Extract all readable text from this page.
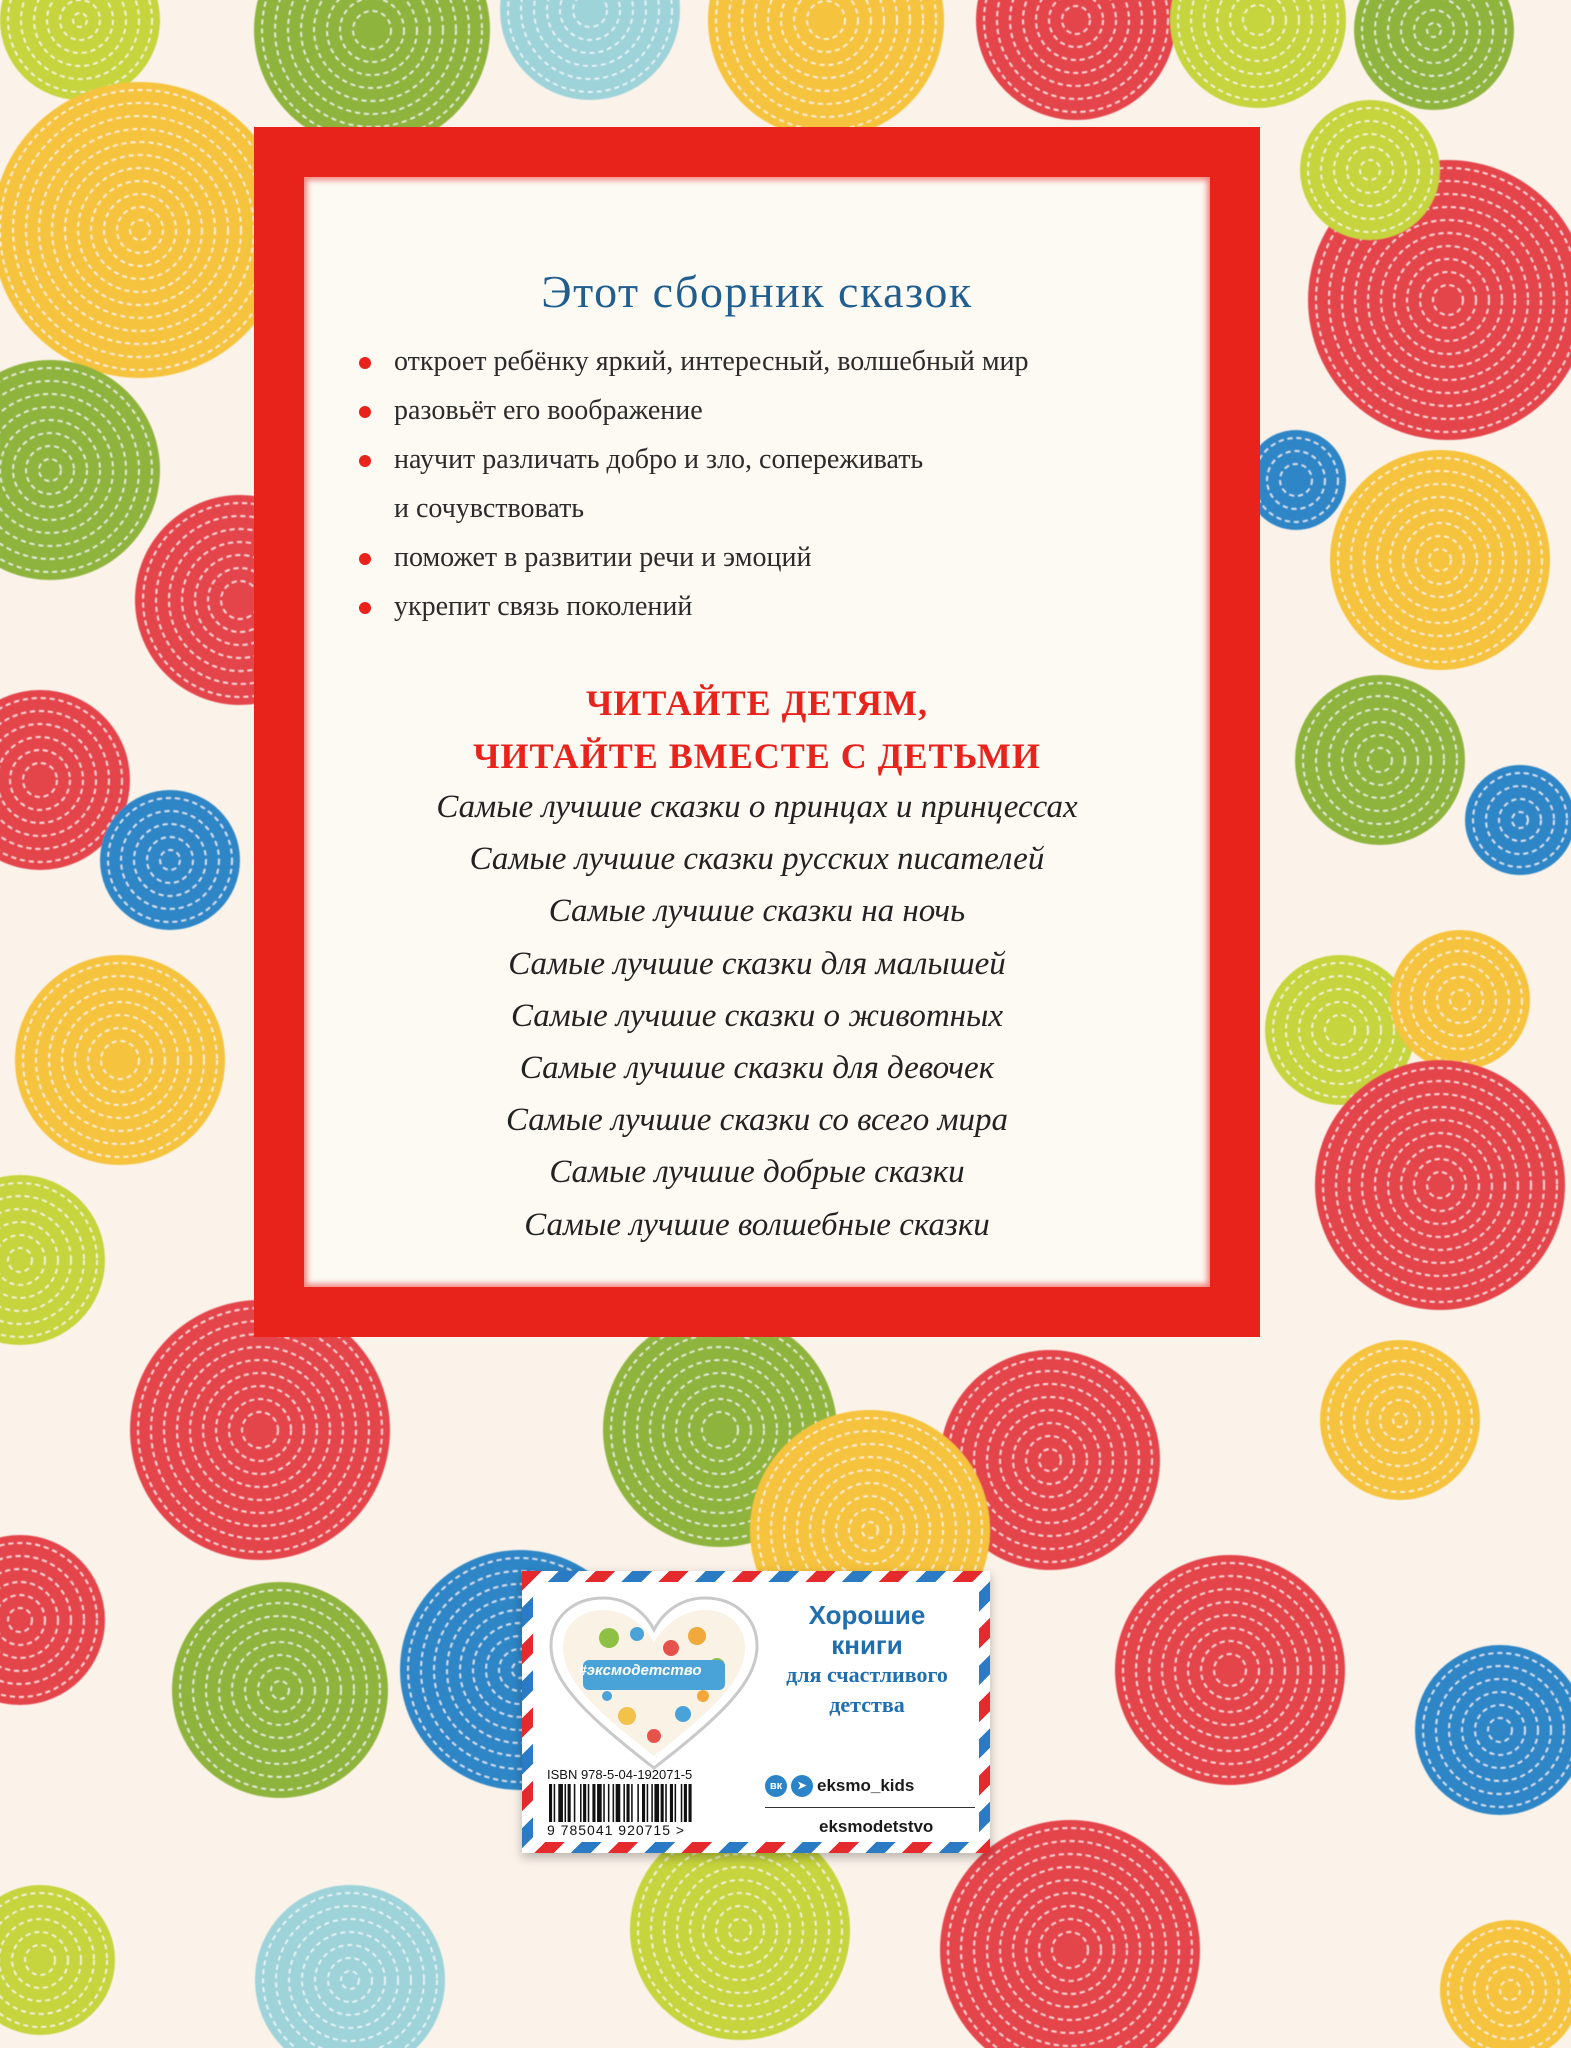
Этот сборник сказок
откроет ребёнку яркий, интересный, волшебный мир
разовьёт его воображение
научит различать добро и зло, сопереживать
и сочувствовать
поможет в развитии речи и эмоций
укрепит связь поколений
ЧИТАЙТЕ ДЕТЯМ,
ЧИТАЙТЕ ВМЕСТЕ С ДЕТЬМИ
Самые лучшие сказки о принцах и принцессах
Самые лучшие сказки русских писателей
Самые лучшие сказки на ночь
Самые лучшие сказки для малышей
Самые лучшие сказки о животных
Самые лучшие сказки для девочек
Самые лучшие сказки со всего мира
Самые лучшие добрые сказки
Самые лучшие волшебные сказки
#эксмодетство
Хорошие
книги
для счастливого
детства
ISBN 978-5-04-192071-5
9 785041 920715 >
вк	➤ eksmo_kids
eksmodetstvo
